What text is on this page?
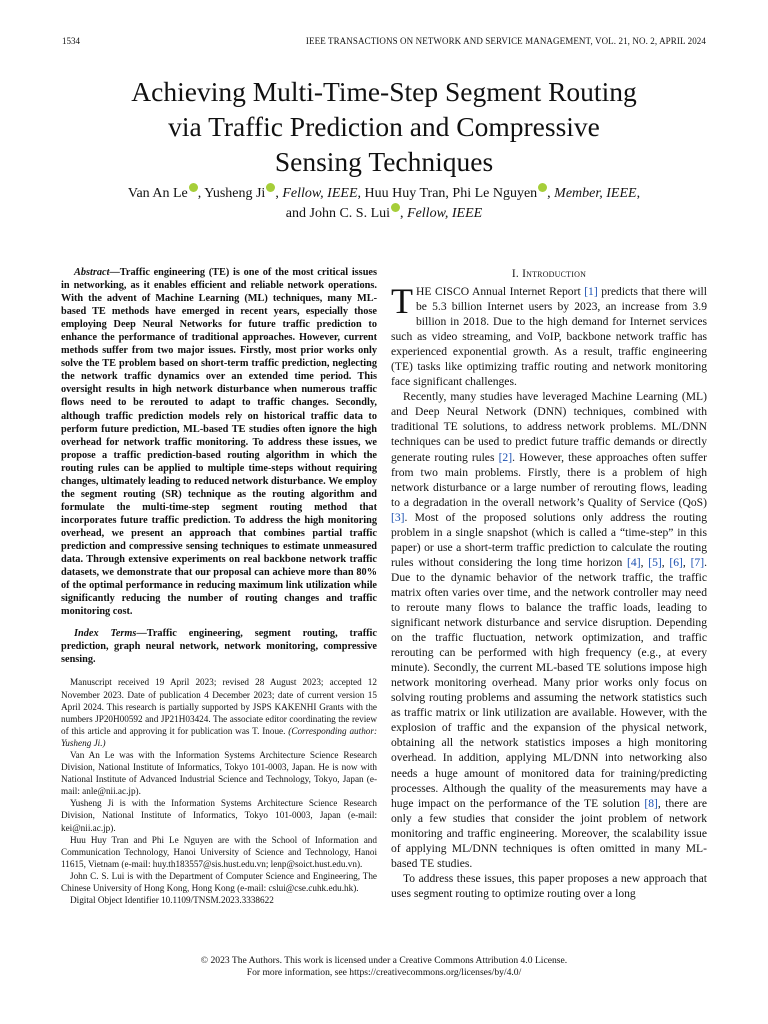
1534	IEEE TRANSACTIONS ON NETWORK AND SERVICE MANAGEMENT, VOL. 21, NO. 2, APRIL 2024
Achieving Multi-Time-Step Segment Routing
via Traffic Prediction and Compressive
Sensing Techniques
Van An Le , Yusheng Ji , Fellow, IEEE, Huu Huy Tran, Phi Le Nguyen , Member, IEEE,
and John C. S. Lui , Fellow, IEEE

Abstract—Traffic engineering (TE) is one of the most critical issues in networking, as it enables efficient and reliable network operations. With the advent of Machine Learning (ML) techniques, many ML-based TE methods have emerged in recent years, especially those employing Deep Neural Networks for future traffic prediction to enhance the performance of traditional approaches. However, current methods suffer from two major issues. Firstly, most prior works only solve the TE problem based on short-term traffic prediction, neglecting the network traffic dynamics over an extended time period. This oversight results in high network disturbance when numerous traffic flows need to be rerouted to adapt to traffic changes. Secondly, although traffic prediction models rely on historical traffic data to perform future prediction, ML-based TE studies often ignore the high overhead for network traffic monitoring. To address these issues, we propose a traffic prediction-based routing algorithm in which the routing rules can be applied to multiple time-steps without requiring changes, ultimately leading to reduced network disturbance. We employ the segment routing (SR) technique as the routing algorithm and formulate the multi-time-step segment routing method that incorporates future traffic prediction. To address the high monitoring overhead, we present an approach that combines partial traffic prediction and compressive sensing techniques to estimate unmeasured data. Through extensive experiments on real backbone network traffic datasets, we demonstrate that our proposal can achieve more than 80% of the optimal performance in reducing maximum link utilization while significantly reducing the number of routing changes and traffic monitoring cost.

Index Terms—Traffic engineering, segment routing, traffic prediction, graph neural network, network monitoring, compressive sensing.

Manuscript received 19 April 2023; revised 28 August 2023; accepted 12 November 2023. Date of publication 4 December 2023; date of current version 15 April 2024. This research is partially supported by JSPS KAKENHI Grants with the numbers JP20H00592 and JP21H03424. The associate editor coordinating the review of this article and approving it for publication was T. Inoue. (Corresponding author: Yusheng Ji.)

Van An Le was with the Information Systems Architecture Science Research Division, National Institute of Informatics, Tokyo 101-0003, Japan. He is now with National Institute of Advanced Industrial Science and Technology, Tokyo, Japan (e-mail: anle@nii.ac.jp).

Yusheng Ji is with the Information Systems Architecture Science Research Division, National Institute of Informatics, Tokyo 101-0003, Japan (e-mail: kei@nii.ac.jp).

Huu Huy Tran and Phi Le Nguyen are with the School of Information and Communication Technology, Hanoi University of Science and Technology, Hanoi 11615, Vietnam (e-mail: huy.th183557@sis.hust.edu.vn; lenp@soict.hust.edu.vn).

John C. S. Lui is with the Department of Computer Science and Engineering, The Chinese University of Hong Kong, Hong Kong (e-mail: cslui@cse.cuhk.edu.hk).

Digital Object Identifier 10.1109/TNSM.2023.3338622

I. Introduction

THE CISCO Annual Internet Report [1] predicts that there will be 5.3 billion Internet users by 2023, an increase from 3.9 billion in 2018. Due to the high demand for Internet services such as video streaming, and VoIP, backbone network traffic has experienced exponential growth. As a result, traffic engineering (TE) tasks like optimizing traffic routing and network monitoring face significant challenges.

Recently, many studies have leveraged Machine Learning (ML) and Deep Neural Network (DNN) techniques, combined with traditional TE solutions, to address network problems. ML/DNN techniques can be used to predict future traffic demands or directly generate routing rules [2]. However, these approaches often suffer from two main problems. Firstly, there is a problem of high network disturbance or a large number of rerouting flows, leading to a degradation in the overall network’s Quality of Service (QoS) [3]. Most of the proposed solutions only address the routing problem in a single snapshot (which is called a “time-step” in this paper) or use a short-term traffic prediction to calculate the routing rules without considering the long time horizon [4], [5], [6], [7]. Due to the dynamic behavior of the network traffic, the traffic matrix often varies over time, and the network controller may need to reroute many flows to balance the traffic loads, leading to significant network disturbance and service disruption. Depending on the traffic fluctuation, network optimization, and traffic rerouting can be performed with high frequency (e.g., at every minute). Secondly, the current ML-based TE solutions impose high network monitoring overhead. Many prior works only focus on solving routing problems and assuming the network statistics such as traffic matrix or link utilization are available. However, with the explosion of traffic and the expansion of the physical network, obtaining all the network statistics imposes a high monitoring overhead. In addition, applying ML/DNN into networking also needs a huge amount of monitored data for training/predicting processes. Although the quality of the measurements may have a huge impact on the performance of the TE solution [8], there are only a few studies that consider the joint problem of network monitoring and traffic engineering. Moreover, the scalability issue of applying ML/DNN techniques is often omitted in many ML-based TE studies.

To address these issues, this paper proposes a new approach that uses segment routing to optimize routing over a long

© 2023 The Authors. This work is licensed under a Creative Commons Attribution 4.0 License.
For more information, see https://creativecommons.org/licenses/by/4.0/
